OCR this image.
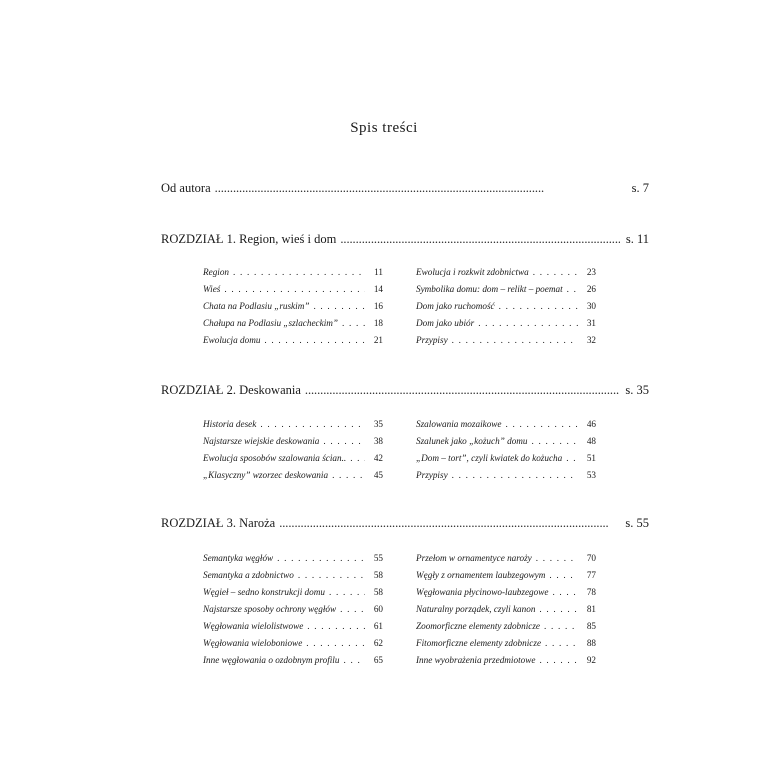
Spis treści
Od autora . . .	s. 7
ROZDZIAŁ 1. Region, wieś i dom . . .	s. 11
Region . . .	11
Wieś . . .	14
Chata na Podlasiu „ruskim” . . .	16
Chałupa na Podlasiu „szlacheckim” . . .	18
Ewolucja domu . . .	21
Ewolucja i rozkwit zdobnictwa . . .	23
Symbolika domu: dom – relikt – poemat . . .	26
Dom jako ruchomość . . .	30
Dom jako ubiór . . .	31
Przypisy . . .	32
ROZDZIAŁ 2. Deskowania . . .	s. 35
Historia desek . . .	35
Najstarsze wiejskie deskowania . . .	38
Ewolucja sposobów szalowania ścian.. . . .	42
„Klasyczny” wzorzec deskowania . . .	45
Szalowania mozaikowe . . .	46
Szalunek jako „kożuch” domu . . .	48
„Dom – tort”, czyli kwiatek do kożucha . . .	51
Przypisy . . .	53
ROZDZIAŁ 3. Naroża . . .	s. 55
Semantyka węgłów . . .	55
Semantyka a zdobnictwo . . .	58
Węgieł – sedno konstrukcji domu . . .	58
Najstarsze sposoby ochrony węgłów . . .	60
Węgłowania wielolistwowe . . .	61
Węgłowania wieloboniowe . . .	62
Inne węgłowania o ozdobnym profilu . . .	65
Przełom w ornamentyce naroży . . .	70
Węgły z ornamentem laubzegowym . . .	77
Węgłowania płycinowo-laubzegowe . . .	78
Naturalny porządek, czyli kanon . . .	81
Zoomorficzne elementy zdobnicze . . .	85
Fitomorficzne elementy zdobnicze . . .	88
Inne wyobrażenia przedmiotowe . . .	92
